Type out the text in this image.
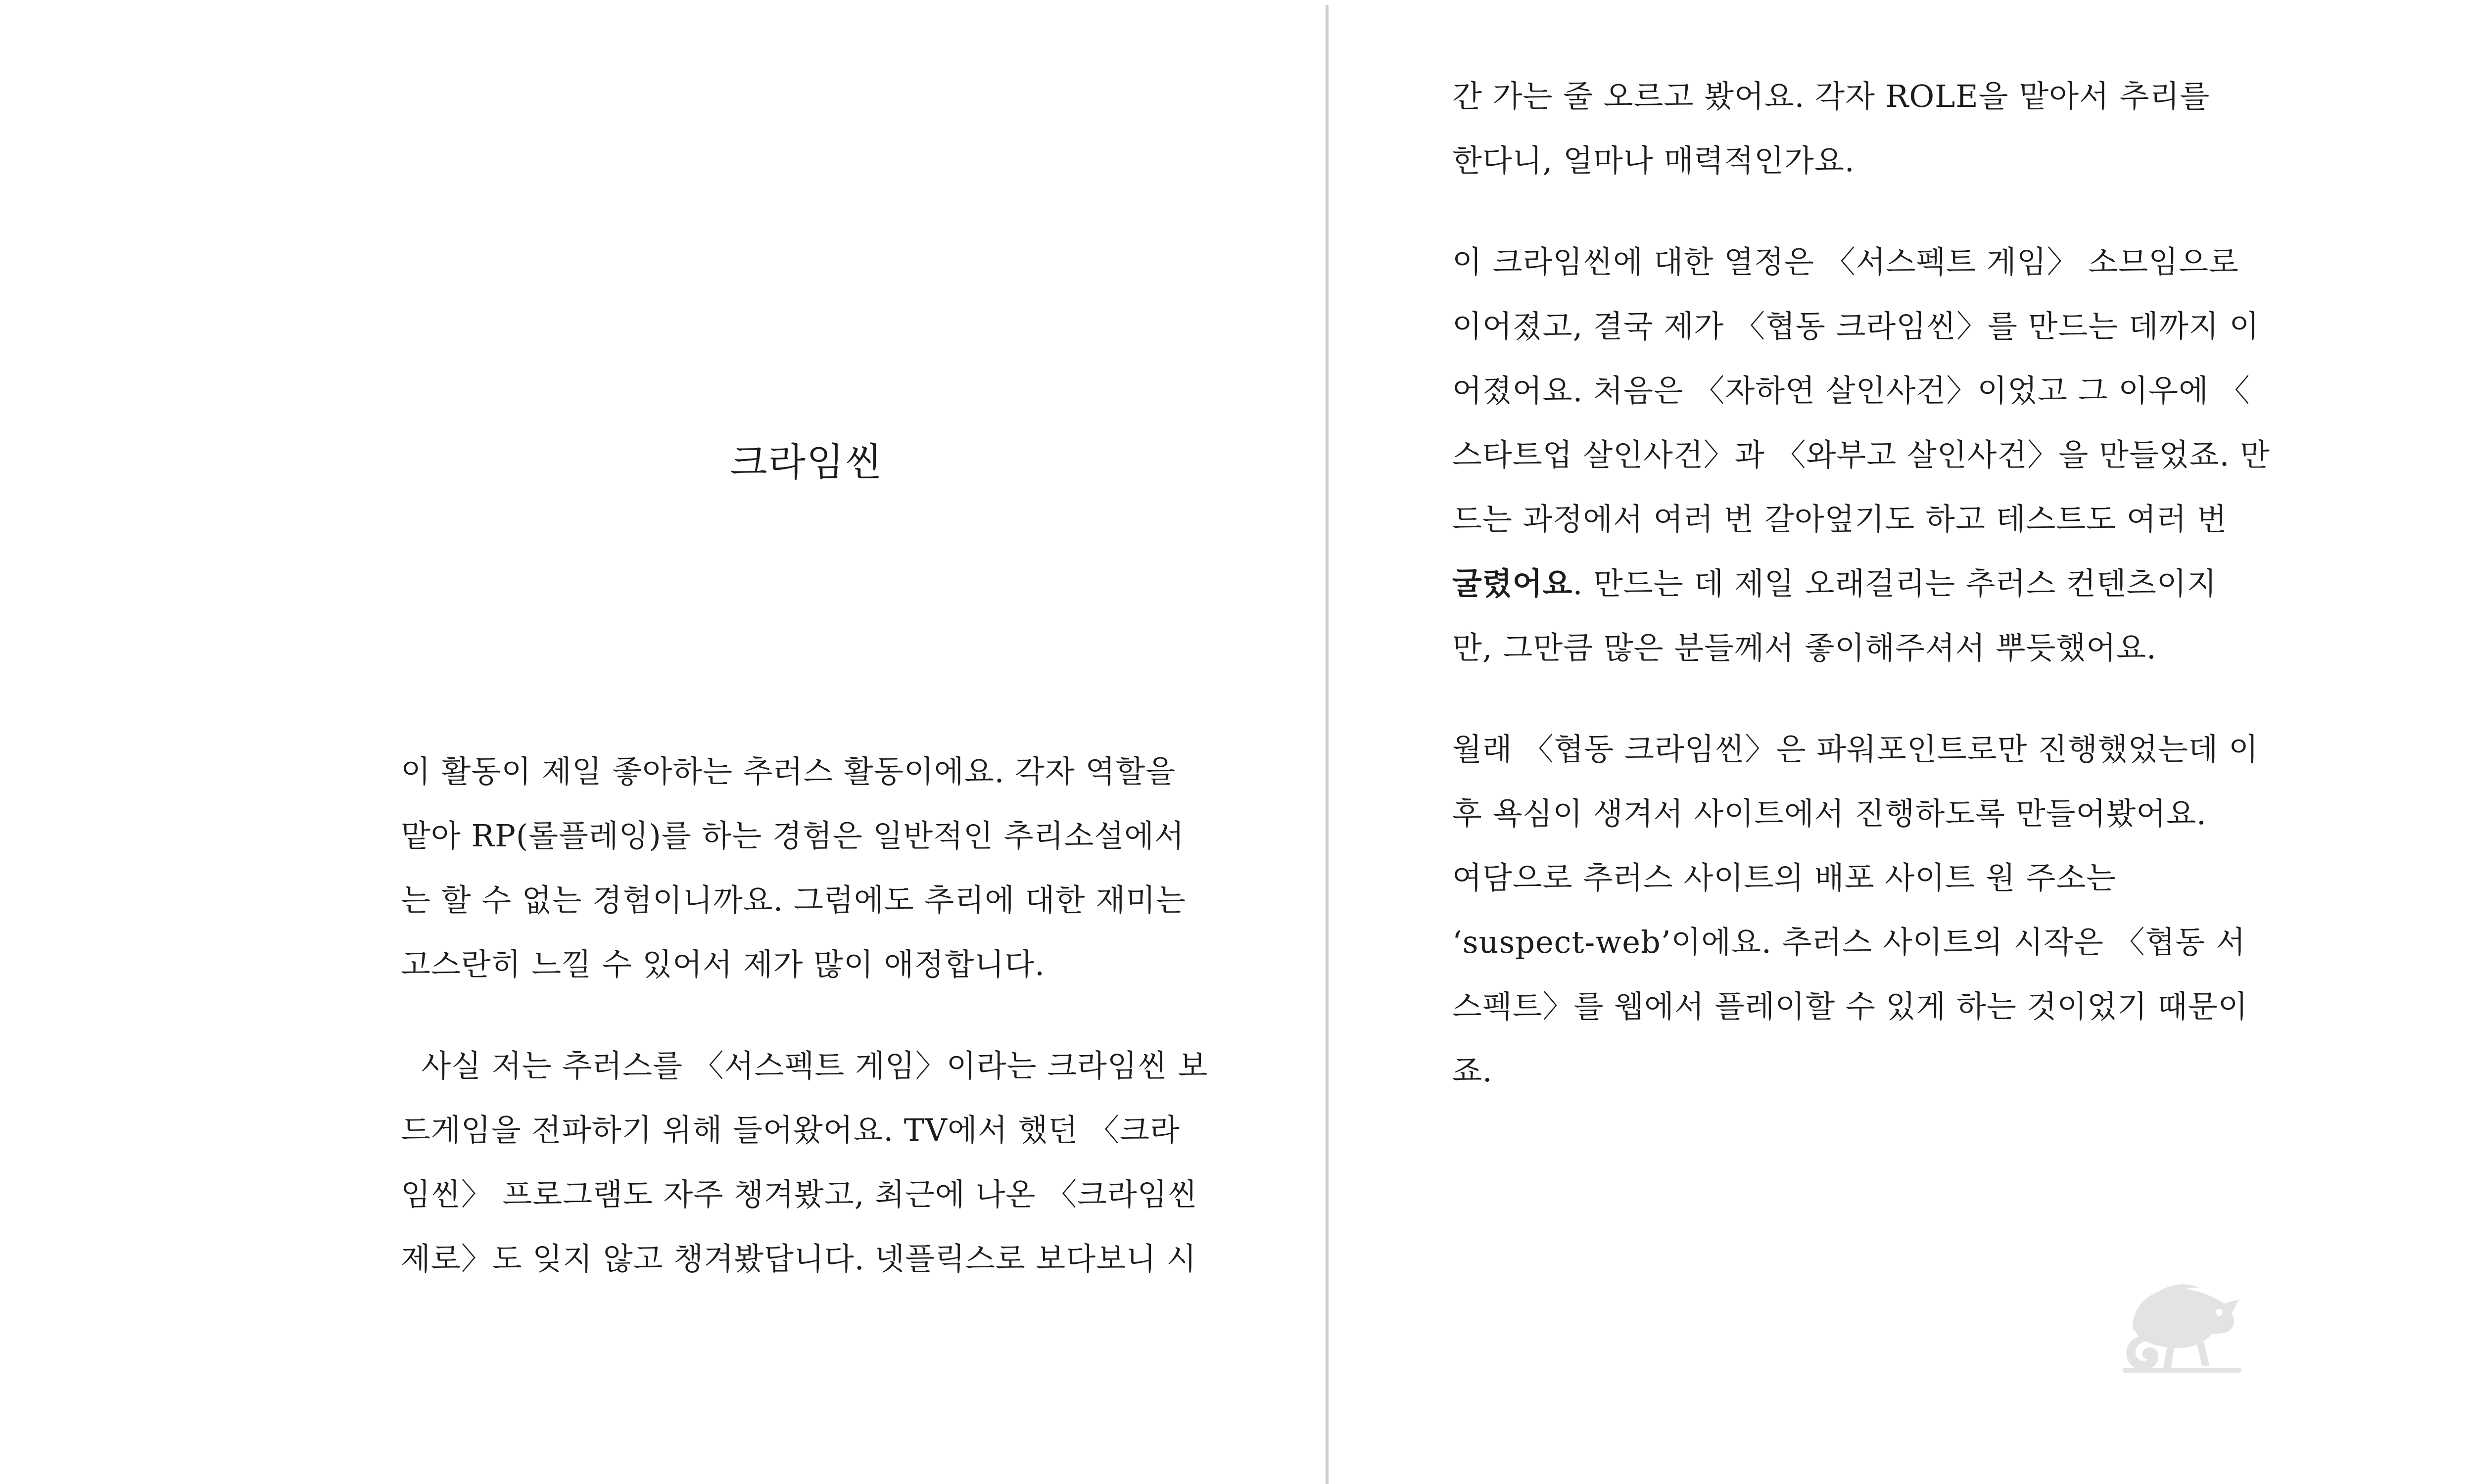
크라임씬
이 활동이 제일 좋아하는 추러스 활동이에요. 각자 역할을
맡아 RP(롤플레잉)를 하는 경험은 일반적인 추리소설에서
는 할 수 없는 경험이니까요. 그럼에도 추리에 대한 재미는
고스란히 느낄 수 있어서 제가 많이 애정합니다.
사실 저는 추러스를 〈서스펙트 게임〉이라는 크라임씬 보
드게임을 전파하기 위해 들어왔어요. TV에서 했던 〈크라
임씬〉 프로그램도 자주 챙겨봤고, 최근에 나온 〈크라임씬
제로〉도 잊지 않고 챙겨봤답니다. 넷플릭스로 보다보니 시
간 가는 줄 오르고 봤어요. 각자 ROLE을 맡아서 추리를
한다니, 얼마나 매력적인가요.
이 크라임씬에 대한 열정은 〈서스펙트 게임〉 소므임으로
이어졌고, 결국 제가 〈협동 크라임씬〉를 만드는 데까지 이
어졌어요. 처음은 〈자하연 살인사건〉이었고 그 이우에 〈
스타트업 살인사건〉과 〈와부고 살인사건〉을 만들었죠. 만
드는 과정에서 여러 번 갈아엎기도 하고 테스트도 여러 번
굴렸어요. 만드는 데 제일 오래걸리는 추러스 컨텐츠이지
만, 그만큼 많은 분들께서 좋이해주셔서 뿌듯했어요.
월래 〈협동 크라임씬〉은 파워포인트로만 진행했었는데 이
후 욕심이 생겨서 사이트에서 진행하도록 만들어봤어요.
여담으로 추러스 사이트의 배포 사이트 원 주소는
‘suspect-web’이에요. 추러스 사이트의 시작은 〈협동 서
스펙트〉를 웹에서 플레이할 수 있게 하는 것이었기 때문이
죠.
